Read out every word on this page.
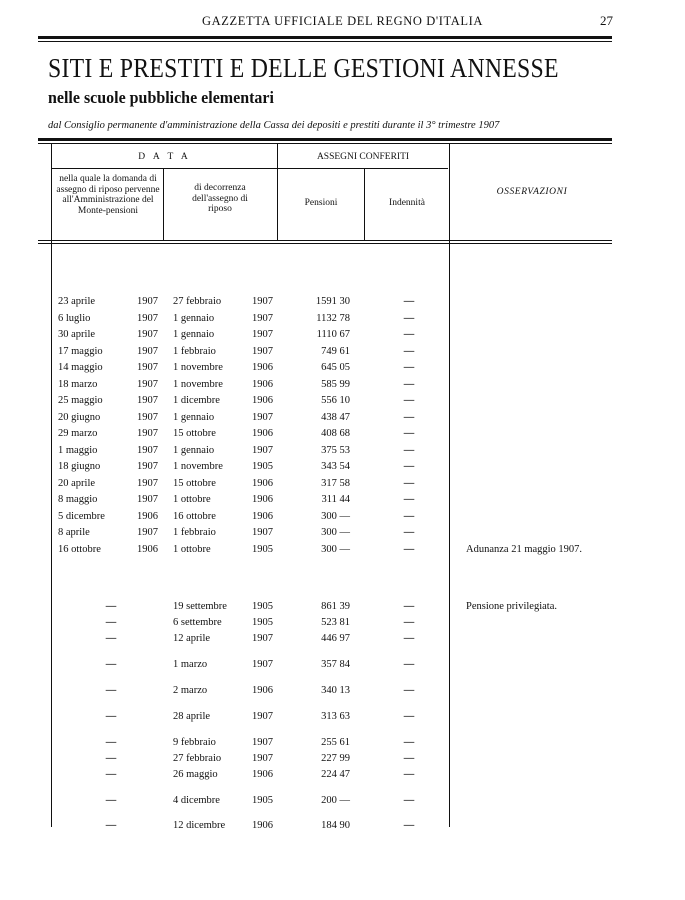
GAZZETTA UFFICIALE DEL REGNO D'ITALIA	27
SITI E PRESTITI E DELLE GESTIONI ANNESSE
nelle scuole pubbliche elementari
dal Consiglio permanente d'amministrazione della Cassa dei depositi e prestiti durante il 3° trimestre 1907
D A T A	ASSEGNI CONFERITI
nella quale la domanda di assegno di riposo pervenne all'Amministrazione del Monte-pensioni
di decorrenza dell'assegno di riposo
Pensioni	Indennità
OSSERVAZIONI
23 aprile	1907 27 febbraio	1907	1591 30	—
6 luglio	1907 1 gennaio	1907	1132 78	—
30 aprile	1907 1 gennaio	1907	1110 67	—
17 maggio	1907 1 febbraio	1907	749 61	—
14 maggio	1907 1 novembre	1906	645 05	—
18 marzo	1907 1 novembre	1906	585 99	—
25 maggio	1907 1 dicembre	1906	556 10	—
20 giugno	1907 1 gennaio	1907	438 47	—
29 marzo	1907 15 ottobre	1906	408 68	—
1 maggio	1907 1 gennaio	1907	375 53	—
18 giugno	1907 1 novembre	1905	343 54	—
20 aprile	1907 15 ottobre	1906	317 58	—
8 maggio	1907 1 ottobre	1906	311 44	—
5 dicembre	1906 16 ottobre	1906	300 —	—
8 aprile	1907 1 febbraio	1907	300 —	—
16 ottobre	1906 1 ottobre	1905	300 —	—	Adunanza 21 maggio 1907.
—	19 settembre	1905	861 39	—	Pensione privilegiata.
—	6 settembre	1905	523 81	—
—	12 aprile	1907	446 97	—
—	1 marzo	1907	357 84	—
—	2 marzo	1906	340 13	—
—	28 aprile	1907	313 63	—
—	9 febbraio	1907	255 61	—
—	27 febbraio	1907	227 99	—
—	26 maggio	1906	224 47	—
—	4 dicembre	1905	200 —	—
—	12 dicembre	1906	184 90	—
